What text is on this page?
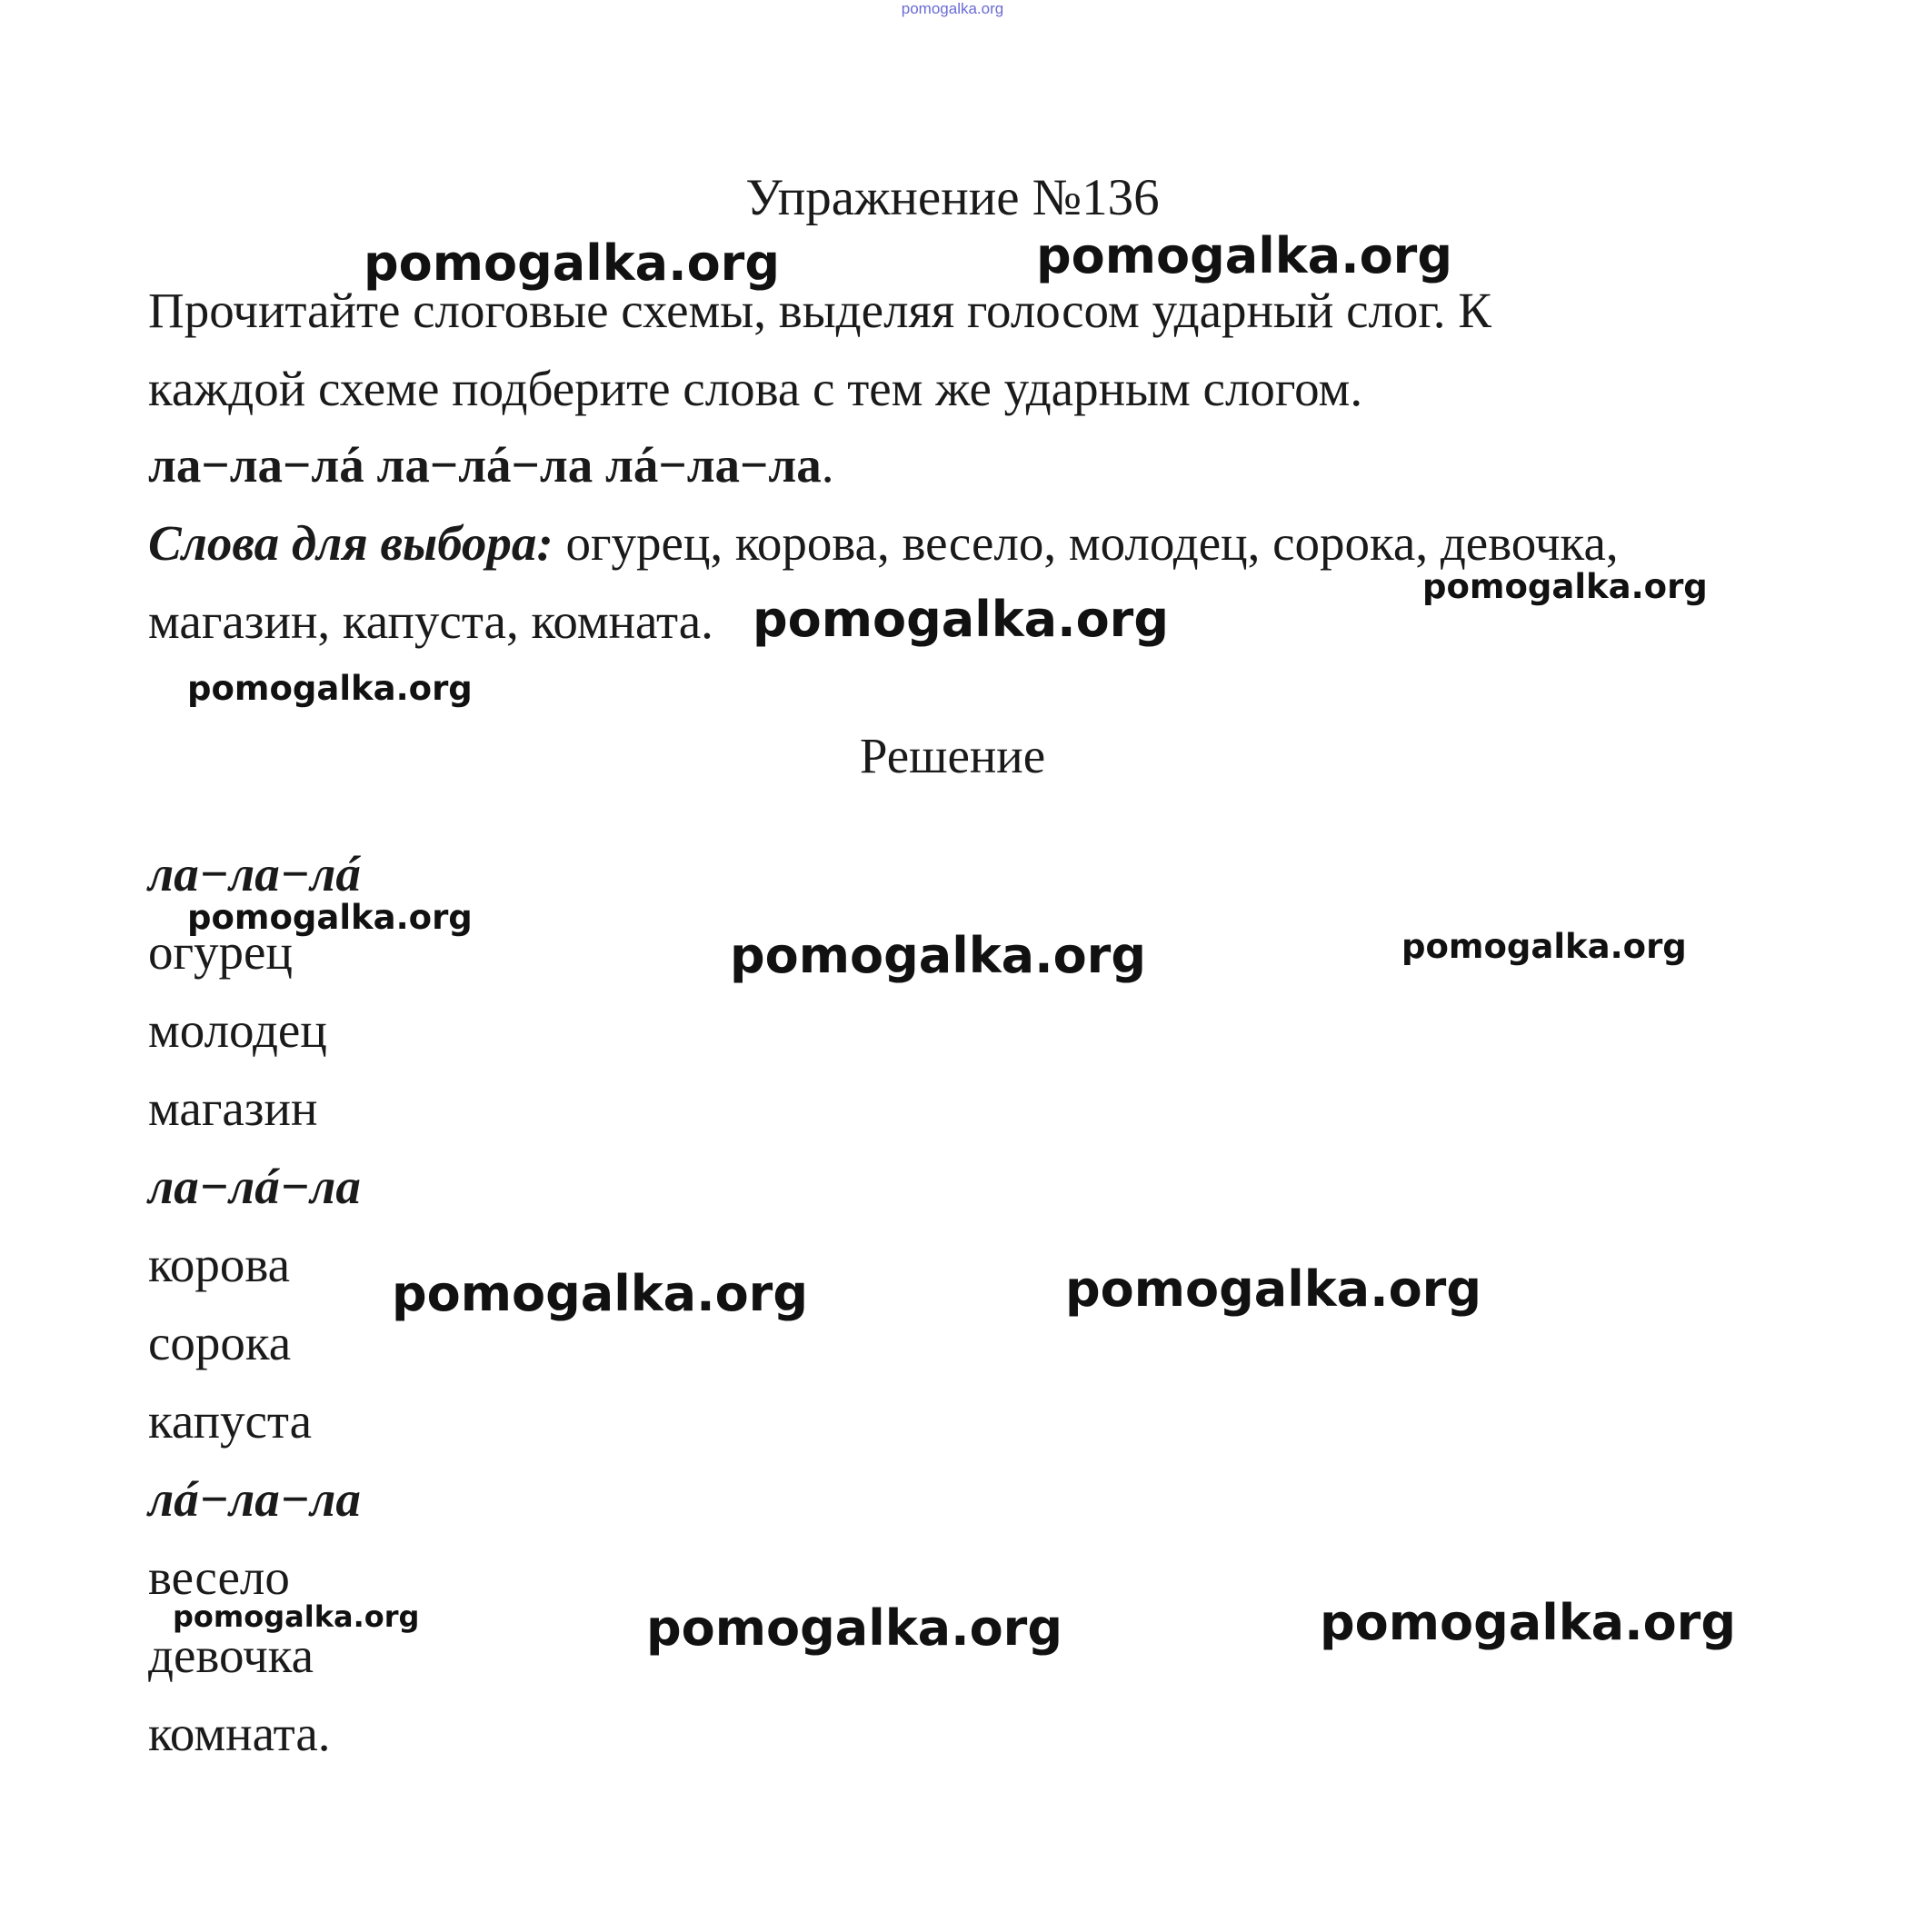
pomogalka.org
Упражнение №136
Прочитайте слоговые схемы, выделяя голосом ударный слог. К
каждой схеме подберите слова с тем же ударным слогом.
ла−ла−лá ла−лá−ла лá−ла−ла.
Слова для выбора: огурец, корова, весело, молодец, сорока, девочка,
магазин, капуста, комната.
Решение
ла−ла−лá
огурец
молодец
магазин
ла−лá−ла
корова
сорока
капуста
лá−ла−ла
весело
девочка
комната.
pomogalka.org	pomogalka.org
pomogalka.org
pomogalka.org
pomogalka.org
pomogalka.org
pomogalka.org	pomogalka.org
pomogalka.org	pomogalka.org
pomogalka.org	pomogalka.org	pomogalka.org
